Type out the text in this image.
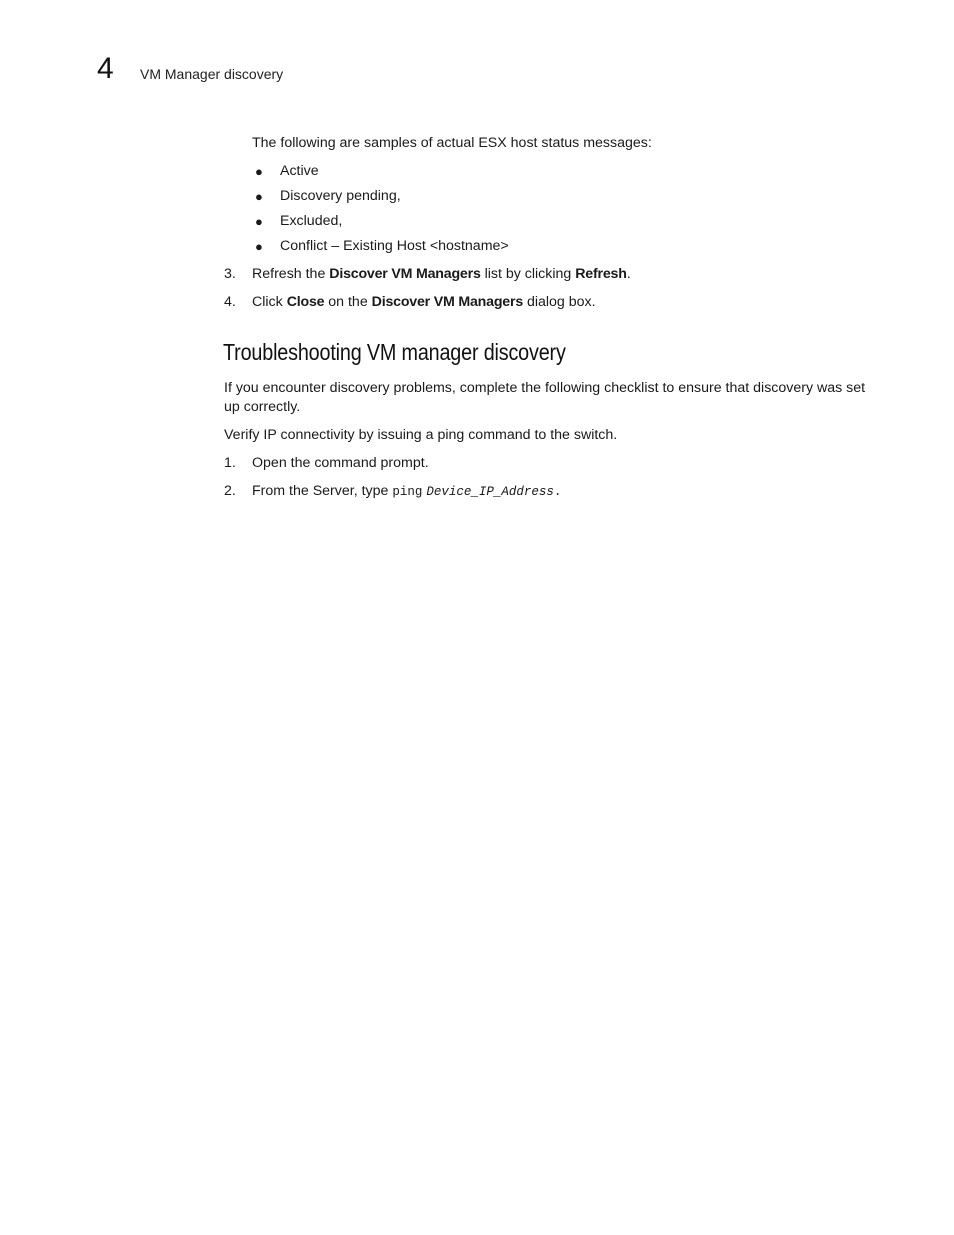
4 VM Manager discovery
The following are samples of actual ESX host status messages:
● Active
● Discovery pending,
● Excluded,
● Conflict – Existing Host <hostname>
3. Refresh the Discover VM Managers list by clicking Refresh.
4. Click Close on the Discover VM Managers dialog box.
Troubleshooting VM manager discovery
If you encounter discovery problems, complete the following checklist to ensure that discovery was set up correctly.
Verify IP connectivity by issuing a ping command to the switch.
1. Open the command prompt.
2. From the Server, type ping Device_IP_Address.
